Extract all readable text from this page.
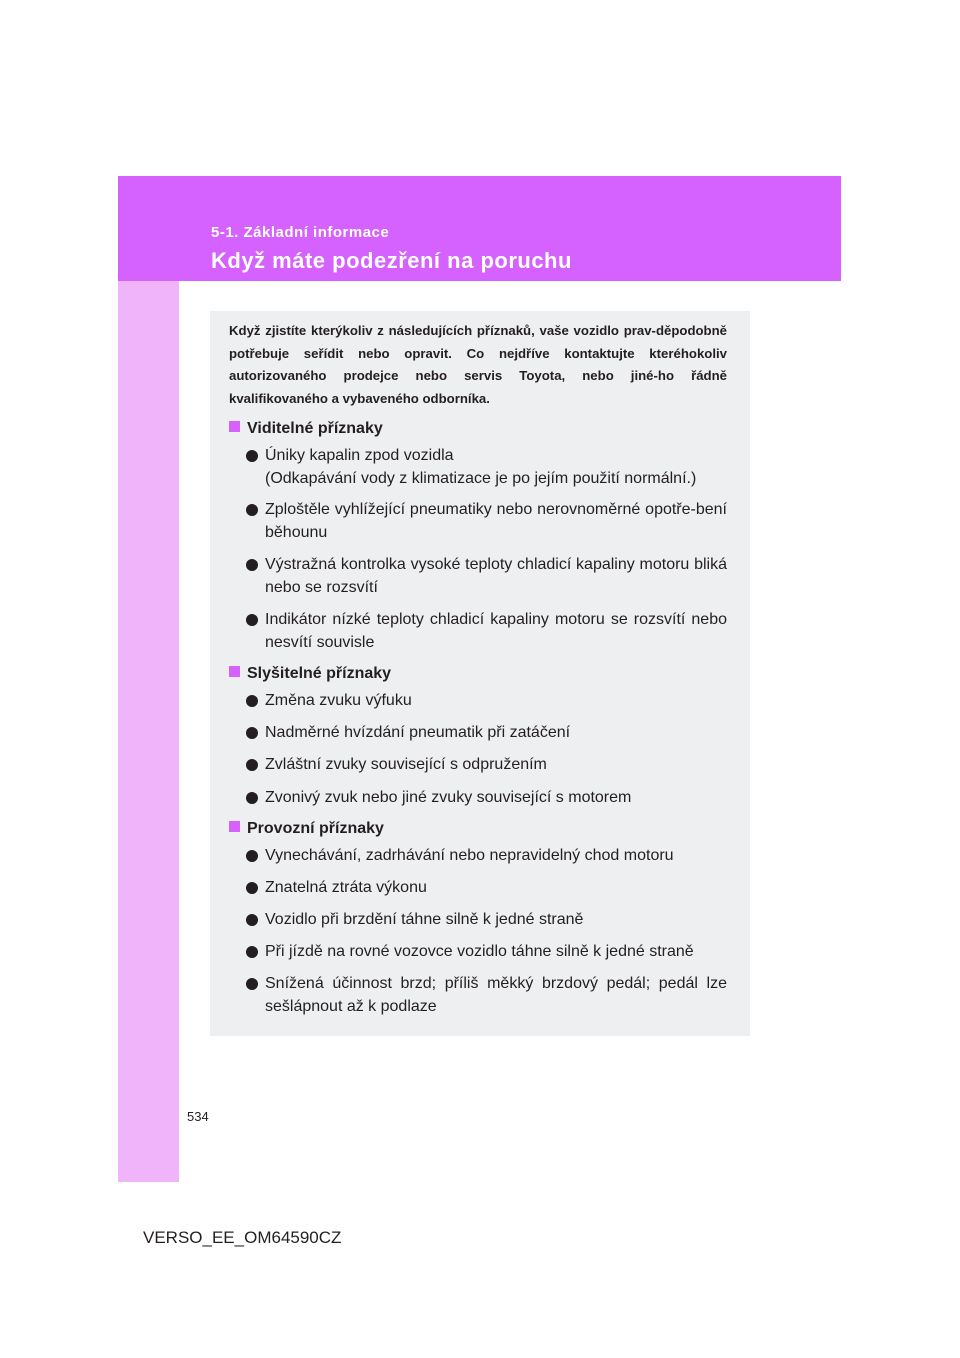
5-1. Základní informace
Když máte podezření na poruchu

Když zjistíte kterýkoliv z následujících příznaků, vaše vozidlo prav-děpodobně potřebuje seřídit nebo opravit. Co nejdříve kontaktujte kteréhokoliv autorizovaného prodejce nebo servis Toyota, nebo jiné-ho řádně kvalifikovaného a vybaveného odborníka.

Viditelné příznaky
Úniky kapalin zpod vozidla
(Odkapávání vody z klimatizace je po jejím použití normální.)
Zploštěle vyhlížející pneumatiky nebo nerovnoměrné opotře-bení běhounu
Výstražná kontrolka vysoké teploty chladicí kapaliny motoru bliká nebo se rozsvítí
Indikátor nízké teploty chladicí kapaliny motoru se rozsvítí nebo nesvítí souvisle
Slyšitelné příznaky
Změna zvuku výfuku
Nadměrné hvízdání pneumatik při zatáčení
Zvláštní zvuky související s odpružením
Zvonivý zvuk nebo jiné zvuky související s motorem
Provozní příznaky
Vynechávání, zadrhávání nebo nepravidelný chod motoru
Znatelná ztráta výkonu
Vozidlo při brzdění táhne silně k jedné straně
Při jízdě na rovné vozovce vozidlo táhne silně k jedné straně
Snížená účinnost brzd; příliš měkký brzdový pedál; pedál lze sešlápnout až k podlaze
534
VERSO_EE_OM64590CZ
